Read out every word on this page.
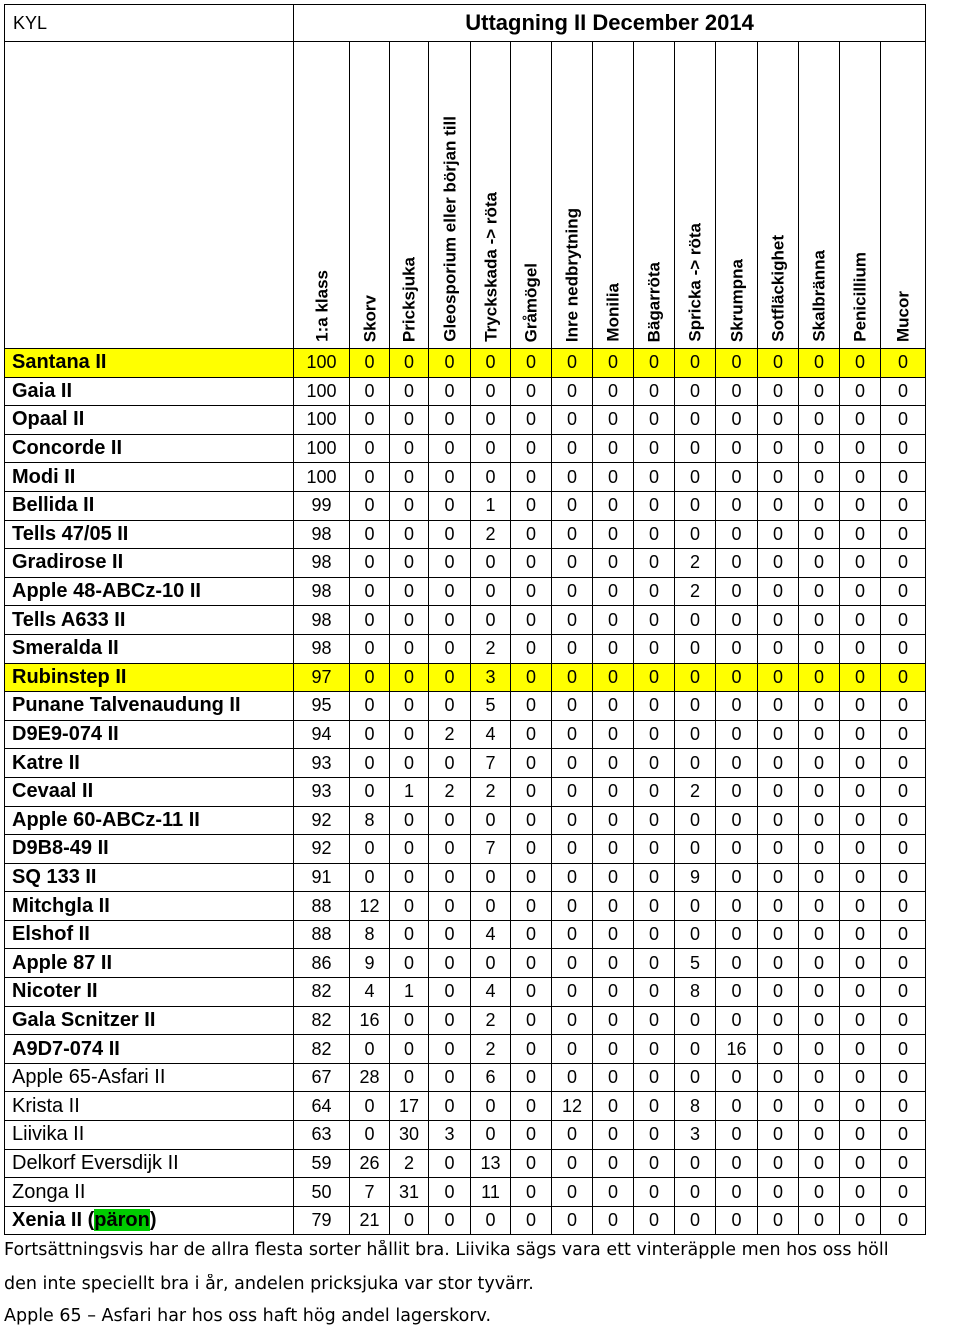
KYL	Uttagning II December 2014														

	1:a klass	Skorv	Pricksjuka	Gleosporium eller början till	Tryckskada -> röta	Gråmögel	Inre nedbrytning	Monilia	Bägarröta	Spricka -> röta	Skrumpna	Sotfläckighet	Skalbränna	Penicillium	Mucor

Santana II	100	0	0	0	0	0	0	0	0	0	0	0	0	0	0
Gaia II	100	0	0	0	0	0	0	0	0	0	0	0	0	0	0
Opaal II	100	0	0	0	0	0	0	0	0	0	0	0	0	0	0
Concorde II	100	0	0	0	0	0	0	0	0	0	0	0	0	0	0
Modi II	100	0	0	0	0	0	0	0	0	0	0	0	0	0	0
Bellida II	99	0	0	0	1	0	0	0	0	0	0	0	0	0	0
Tells 47/05 II	98	0	0	0	2	0	0	0	0	0	0	0	0	0	0
Gradirose II	98	0	0	0	0	0	0	0	0	2	0	0	0	0	0
Apple 48-ABCz-10 II	98	0	0	0	0	0	0	0	0	2	0	0	0	0	0
Tells A633 II	98	0	0	0	0	0	0	0	0	0	0	0	0	0	0
Smeralda II	98	0	0	0	2	0	0	0	0	0	0	0	0	0	0
Rubinstep II	97	0	0	0	3	0	0	0	0	0	0	0	0	0	0
Punane Talvenaudung II	95	0	0	0	5	0	0	0	0	0	0	0	0	0	0
D9E9-074 II	94	0	0	2	4	0	0	0	0	0	0	0	0	0	0
Katre II	93	0	0	0	7	0	0	0	0	0	0	0	0	0	0
Cevaal II	93	0	1	2	2	0	0	0	0	2	0	0	0	0	0
Apple 60-ABCz-11 II	92	8	0	0	0	0	0	0	0	0	0	0	0	0	0
D9B8-49 II	92	0	0	0	7	0	0	0	0	0	0	0	0	0	0
SQ 133 II	91	0	0	0	0	0	0	0	0	9	0	0	0	0	0
Mitchgla II	88	12	0	0	0	0	0	0	0	0	0	0	0	0	0
Elshof II	88	8	0	0	4	0	0	0	0	0	0	0	0	0	0
Apple 87 II	86	9	0	0	0	0	0	0	0	5	0	0	0	0	0
Nicoter II	82	4	1	0	4	0	0	0	0	8	0	0	0	0	0
Gala Scnitzer II	82	16	0	0	2	0	0	0	0	0	0	0	0	0	0
A9D7-074 II	82	0	0	0	2	0	0	0	0	0	16	0	0	0	0
Apple 65-Asfari II	67	28	0	0	6	0	0	0	0	0	0	0	0	0	0
Krista II	64	0	17	0	0	0	12	0	0	8	0	0	0	0	0
Liivika II	63	0	30	3	0	0	0	0	0	3	0	0	0	0	0
Delkorf Eversdijk II	59	26	2	0	13	0	0	0	0	0	0	0	0	0	0
Zonga II	50	7	31	0	11	0	0	0	0	0	0	0	0	0	0
Xenia II (päron)	79	21	0	0	0	0	0	0	0	0	0	0	0	0	0
Fortsättningsvis har de allra flesta sorter hållit bra. Liivika sägs vara ett vinteräpple men hos oss höll
den inte speciellt bra i år, andelen pricksjuka var stor tyvärr.
Apple 65 – Asfari har hos oss haft hög andel lagerskorv.
